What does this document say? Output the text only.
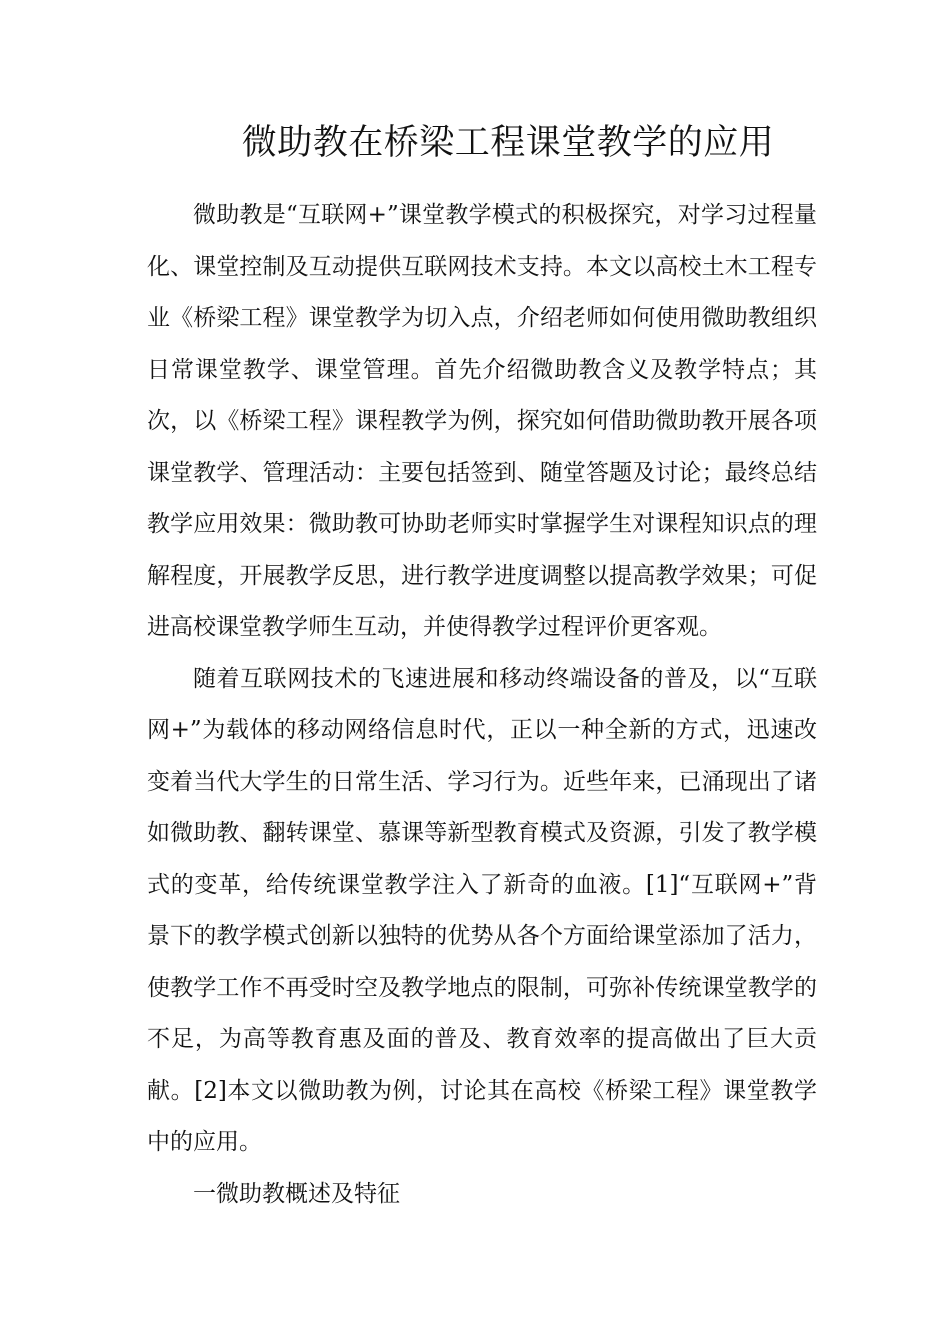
微助教在桥梁工程课堂教学的应用

微助教是“互联网+”课堂教学模式的积极探究，对学习过程量化、课堂控制及互动提供互联网技术支持。本文以高校土木工程专业《桥梁工程》课堂教学为切入点，介绍老师如何使用微助教组织日常课堂教学、课堂管理。首先介绍微助教含义及教学特点；其次，以《桥梁工程》课程教学为例，探究如何借助微助教开展各项课堂教学、管理活动：主要包括签到、随堂答题及讨论；最终总结教学应用效果：微助教可协助老师实时掌握学生对课程知识点的理解程度，开展教学反思，进行教学进度调整以提高教学效果；可促进高校课堂教学师生互动，并使得教学过程评价更客观。

随着互联网技术的飞速进展和移动终端设备的普及，以“互联网+”为载体的移动网络信息时代，正以一种全新的方式，迅速改变着当代大学生的日常生活、学习行为。近些年来，已涌现出了诸如微助教、翻转课堂、慕课等新型教育模式及资源，引发了教学模式的变革，给传统课堂教学注入了新奇的血液。[1]“互联网+”背景下的教学模式创新以独特的优势从各个方面给课堂添加了活力，使教学工作不再受时空及教学地点的限制，可弥补传统课堂教学的不足，为高等教育惠及面的普及、教育效率的提高做出了巨大贡献。[2]本文以微助教为例，讨论其在高校《桥梁工程》课堂教学中的应用。

一微助教概述及特征
